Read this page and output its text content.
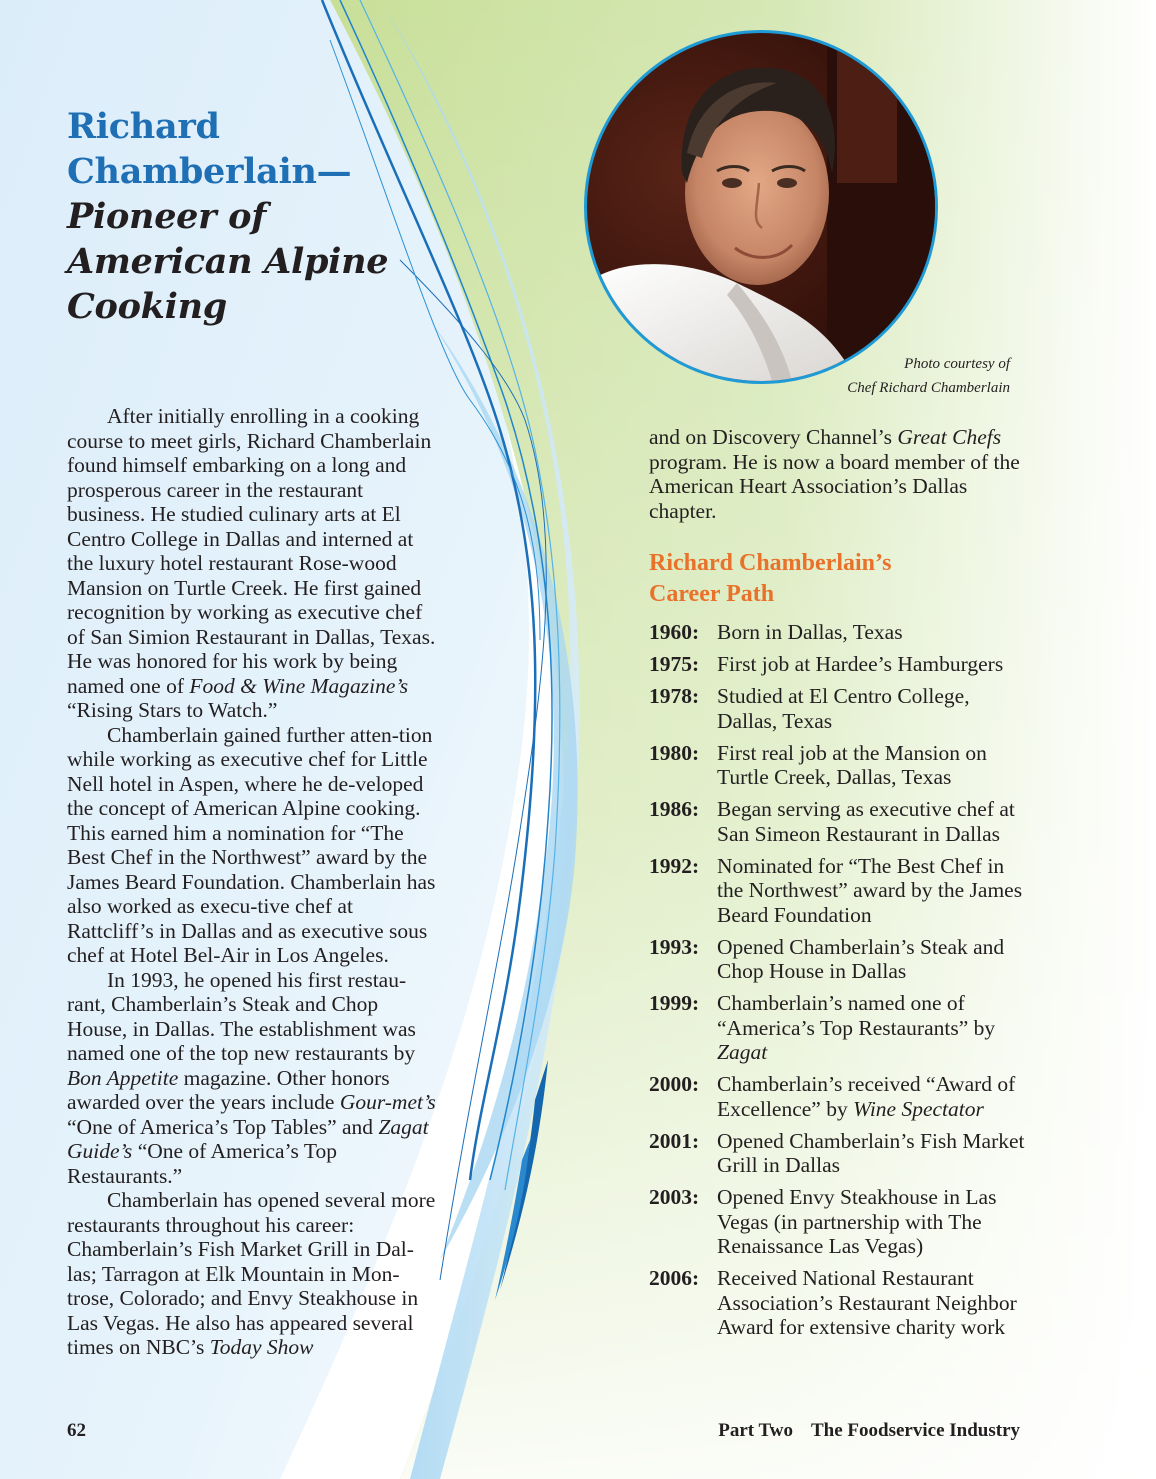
Richard
Chamberlain—
Pioneer of
American Alpine
Cooking
Photo courtesy of
Chef Richard Chamberlain

After initially enrolling in a cooking course to meet girls, Richard Chamberlain found himself embarking on a long and prosperous career in the restaurant business. He studied culinary arts at El Centro College in Dallas and interned at the luxury hotel restaurant Rose-wood Mansion on Turtle Creek. He first gained recognition by working as executive chef of San Simion Restaurant in Dallas, Texas. He was honored for his work by being named one of Food & Wine Magazine’s “Rising Stars to Watch.”

Chamberlain gained further atten-tion while working as executive chef for Little Nell hotel in Aspen, where he de-veloped the concept of American Alpine cooking. This earned him a nomination for “The Best Chef in the Northwest” award by the James Beard Foundation. Chamberlain has also worked as execu-tive chef at Rattcliff’s in Dallas and as executive sous chef at Hotel Bel-Air in Los Angeles.

In 1993, he opened his first restau-rant, Chamberlain’s Steak and Chop House, in Dallas. The establishment was named one of the top new restaurants by Bon Appetite magazine. Other honors awarded over the years include Gour-met’s “One of America’s Top Tables” and Zagat Guide’s “One of America’s Top Restaurants.”

Chamberlain has opened several more restaurants throughout his career: Chamberlain’s Fish Market Grill in Dal-las; Tarragon at Elk Mountain in Mon-trose, Colorado; and Envy Steakhouse in Las Vegas. He also has appeared several times on NBC’s Today Show

and on Discovery Channel’s Great Chefs program. He is now a board member of the American Heart Association’s Dallas chapter.

Richard Chamberlain’s
Career Path
1960: Born in Dallas, Texas
1975: First job at Hardee’s Hamburgers
1978: Studied at El Centro College, Dallas, Texas
1980: First real job at the Mansion on Turtle Creek, Dallas, Texas
1986: Began serving as executive chef at San Simeon Restaurant in Dallas
1992: Nominated for “The Best Chef in the Northwest” award by the James Beard Foundation
1993: Opened Chamberlain’s Steak and Chop House in Dallas
1999: Chamberlain’s named one of “America’s Top Restaurants” by Zagat
2000: Chamberlain’s received “Award of Excellence” by Wine Spectator
2001: Opened Chamberlain’s Fish Market Grill in Dallas
2003: Opened Envy Steakhouse in Las Vegas (in partnership with The Renaissance Las Vegas)
2006: Received National Restaurant Association’s Restaurant Neighbor Award for extensive charity work
62	Part Two The Foodservice Industry
